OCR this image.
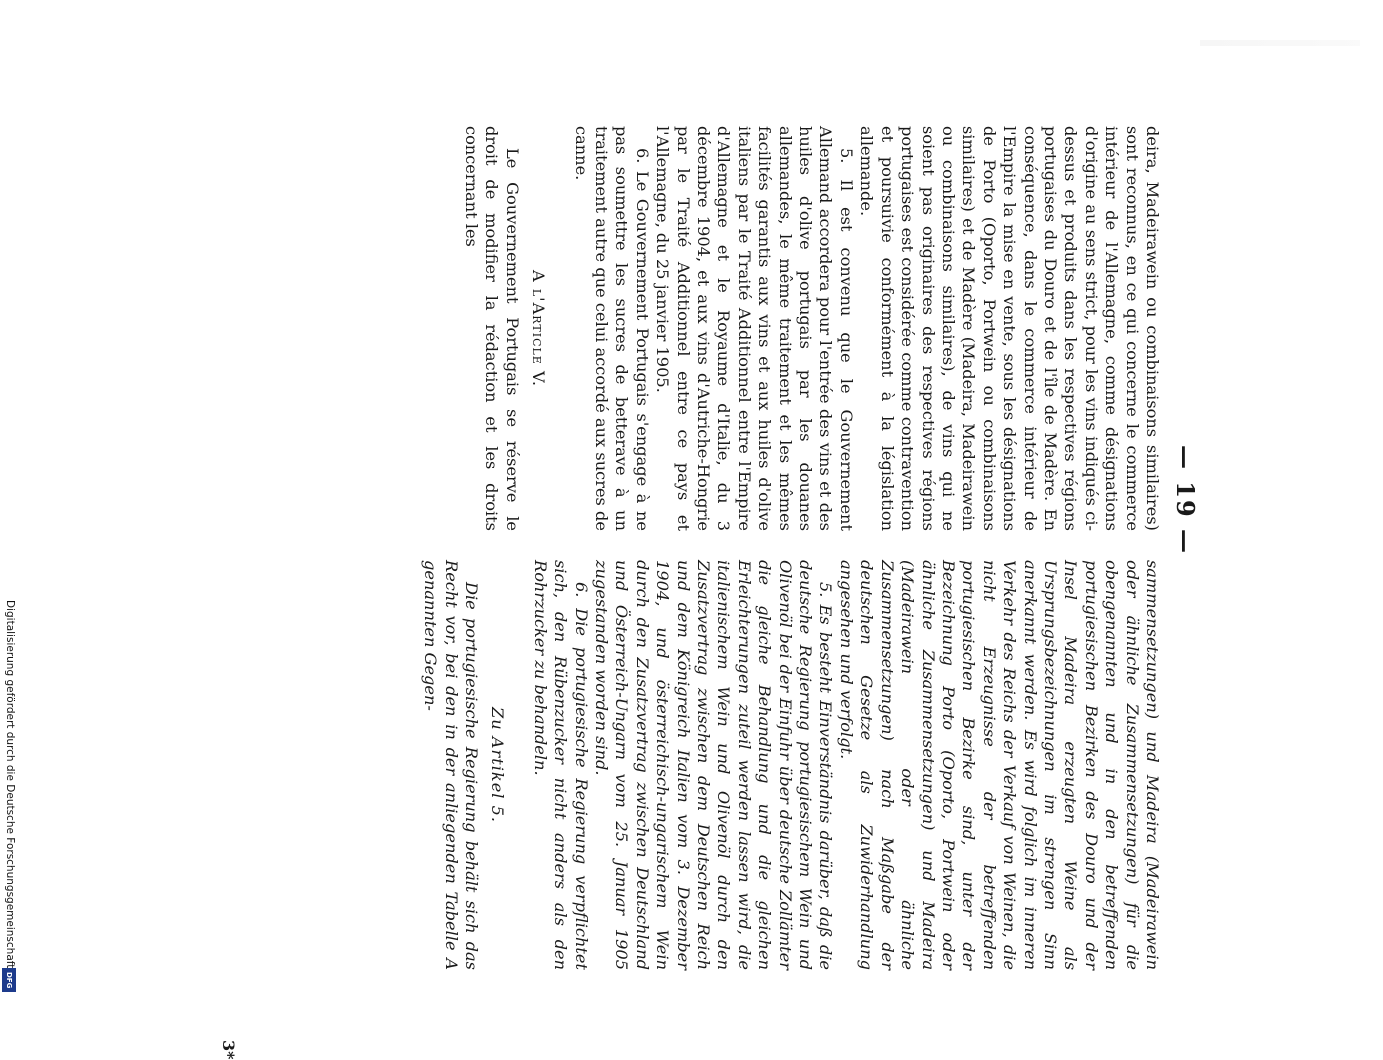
Digitalisierung gefördert durch die Deutsche Forschungsgemeinschaft
DFG
— 19 —

deira, Madeirawein ou combinaisons similaires) sont reconnus, en ce qui concerne le commerce intérieur de l'Allemagne, comme désignations d'origine au sens strict, pour les vins indiqués ci-dessus et produits dans les respectives régions portugaises du Douro et de l'île de Madère. En conséquence, dans le commerce intérieur de l'Empire la mise en vente, sous les désignations de Porto (Oporto, Portwein ou combinaisons similaires) et de Madère (Madeira, Madeirawein ou combinaisons similaires), de vins qui ne soient pas originaires des respectives régions portugaises est considérée comme contravention et poursuivie conformément à la législation allemande.

5. Il est convenu que le Gouvernement Allemand accordera pour l'entrée des vins et des huiles d'olive portugais par les douanes allemandes, le même traitement et les mêmes facilités garantis aux vins et aux huiles d'olive italiens par le Traité Additionnel entre l'Empire d'Allemagne et le Royaume d'Italie, du 3 décembre 1904, et aux vins d'Autriche-Hongrie par le Traité Additionnel entre ce pays et l'Allemagne, du 25 janvier 1905.

6. Le Gouvernement Portugais s'engage à ne pas soumettre les sucres de betterave à un traitement autre que celui accordé aux sucres de canne.

A l'Article V.

Le Gouvernement Portugais se réserve le droit de modifier la rédaction et les droits concernant les

sammensetzungen) und Madeira (Madeirawein oder ähnliche Zusammensetzungen) für die obengenannten und in den betreffenden portugiesischen Bezirken des Douro und der Insel Madeira erzeugten Weine als Ursprungsbezeichnungen im strengen Sinn anerkannt werden. Es wird folglich im inneren Verkehr des Reichs der Verkauf von Weinen, die nicht Erzeugnisse der betreffenden portugiesischen Bezirke sind, unter der Bezeichnung Porto (Oporto, Portwein oder ähnliche Zusammensetzungen) und Madeira (Madeirawein oder ähnliche Zusammensetzungen) nach Maßgabe der deutschen Gesetze als Zuwiderhandlung angesehen und verfolgt.

5. Es besteht Einverständnis darüber, daß die deutsche Regierung portugiesischem Wein und Olivenöl bei der Einfuhr über deutsche Zollämter die gleiche Behandlung und die gleichen Erleichterungen zuteil werden lassen wird, die italienischem Wein und Olivenöl durch den Zusatzvertrag zwischen dem Deutschen Reich und dem Königreich Italien vom 3. Dezember 1904, und österreichisch-ungarischem Wein durch den Zusatzvertrag zwischen Deutschland und Österreich-Ungarn vom 25. Januar 1905 zugestanden worden sind.

6. Die portugiesische Regierung verpflichtet sich, den Rübenzucker nicht anders als den Rohrzucker zu behandeln.

Zu Artikel 5.

Die portugiesische Regierung behält sich das Recht vor, bei den in der anliegenden Tabelle A genannten Gegen-

3*
